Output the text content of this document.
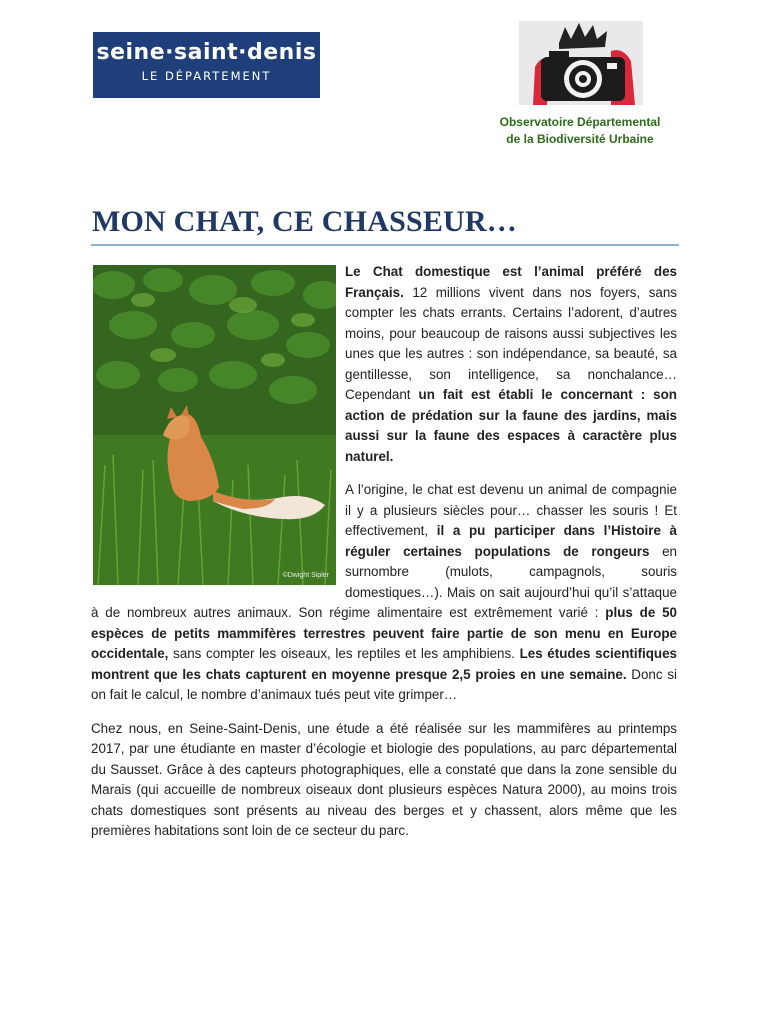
seine·saint·denis
LE DÉPARTEMENT
Observatoire Départemental
de la Biodiversité Urbaine
MON CHAT, CE CHASSEUR…
©Dwight Sipler

Le Chat domestique est l’animal préféré des Français. 12 millions vivent dans nos foyers, sans compter les chats errants. Certains l’adorent, d’autres moins, pour beaucoup de raisons aussi subjectives les unes que les autres : son indépendance, sa beauté, sa gentillesse, son intelligence, sa nonchalance… Cependant un fait est établi le concernant : son action de prédation sur la faune des jardins, mais aussi sur la faune des espaces à caractère plus naturel.

A l’origine, le chat est devenu un animal de compagnie il y a plusieurs siècles pour… chasser les souris ! Et effectivement, il a pu participer dans l’Histoire à réguler certaines populations de rongeurs en surnombre (mulots, campagnols, souris domestiques…). Mais on sait aujourd’hui qu’il s’attaque à de nombreux autres animaux. Son régime alimentaire est extrêmement varié : plus de 50 espèces de petits mammifères terrestres peuvent faire partie de son menu en Europe occidentale, sans compter les oiseaux, les reptiles et les amphibiens. Les études scientifiques montrent que les chats capturent en moyenne presque 2,5 proies en une semaine. Donc si on fait le calcul, le nombre d’animaux tués peut vite grimper…

Chez nous, en Seine-Saint-Denis, une étude a été réalisée sur les mammifères au printemps 2017, par une étudiante en master d’écologie et biologie des populations, au parc départemental du Sausset. Grâce à des capteurs photographiques, elle a constaté que dans la zone sensible du Marais (qui accueille de nombreux oiseaux dont plusieurs espèces Natura 2000), au moins trois chats domestiques sont présents au niveau des berges et y chassent, alors même que les premières habitations sont loin de ce secteur du parc.
